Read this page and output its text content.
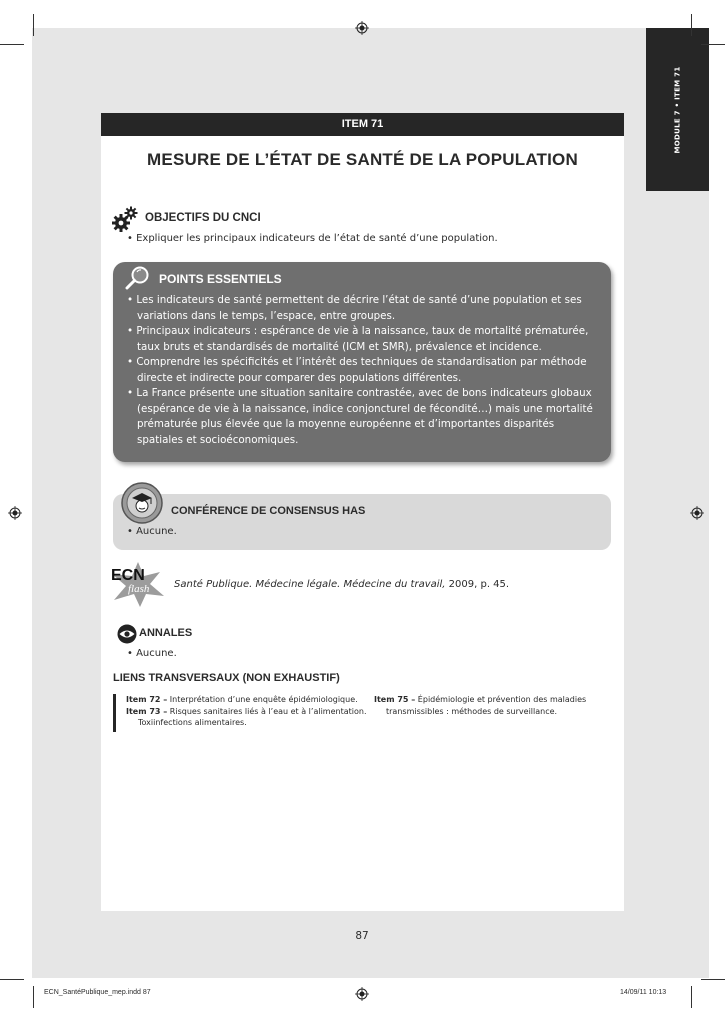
MODULE 7 • ITEM 71
ITEM 71
MESURE DE L’ÉTAT DE SANTÉ DE LA POPULATION
OBJECTIFS DU CNCI
• Expliquer les principaux indicateurs de l’état de santé d’une population.
POINTS ESSENTIELS
• Les indicateurs de santé permettent de décrire l’état de santé d’une population et ses variations dans le temps, l’espace, entre groupes.
• Principaux indicateurs : espérance de vie à la naissance, taux de mortalité prématurée, taux bruts et standardisés de mortalité (ICM et SMR), prévalence et incidence.
• Comprendre les spécificités et l’intérêt des techniques de standardisation par méthode directe et indirecte pour comparer des populations différentes.
• La France présente une situation sanitaire contrastée, avec de bons indicateurs globaux (espérance de vie à la naissance, indice conjoncturel de fécondité…) mais une mortalité prématurée plus élevée que la moyenne européenne et d’importantes disparités spatiales et socioéconomiques.
CONFÉRENCE DE CONSENSUS HAS
• Aucune.
ECN
flash Santé Publique. Médecine légale. Médecine du travail, 2009, p. 45.
ANNALES
• Aucune.
LIENS TRANSVERSAUX (NON EXHAUSTIF)
Item 72 – Interprétation d’une enquête épidémiologique.
Item 73 – Risques sanitaires liés à l’eau et à l’alimentation. Toxiinfections alimentaires.
Item 75 – Épidémiologie et prévention des maladies transmissibles : méthodes de surveillance.
87
ECN_SantéPublique_mep.indd 87	14/09/11 10:13
